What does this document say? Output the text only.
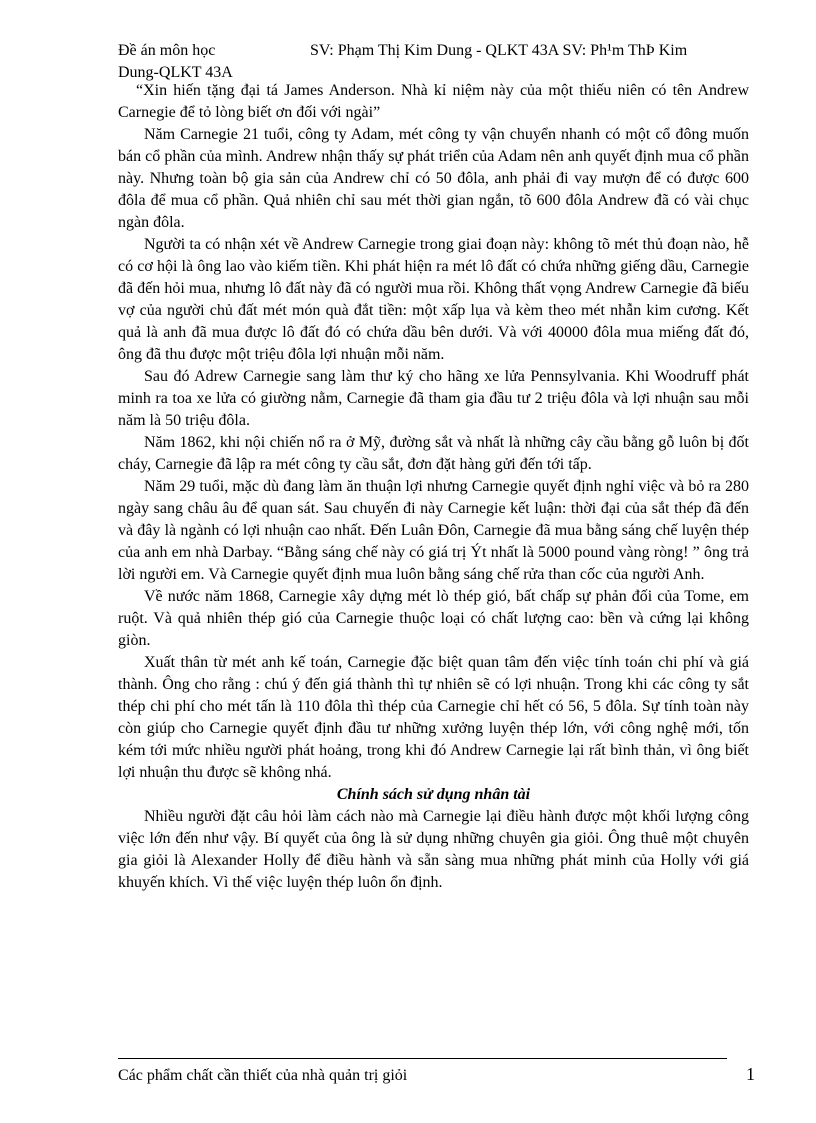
Đề án môn học	SV: Phạm Thị Kim Dung - QLKT 43A SV: Ph¹m ThÞ Kim
Dung-QLKT 43A

“Xin hiến tặng đại tá James Anderson. Nhà kỉ niệm này của một thiếu niên có tên Andrew Carnegie để tỏ lòng biết ơn đối với ngài”

Năm Carnegie 21 tuổi, công ty Adam, mét công ty vận chuyển nhanh có một cổ đông muốn bán cổ phần của mình. Andrew nhận thấy sự phát triển của Adam nên anh quyết định mua cổ phần này. Nhưng toàn bộ gia sản của Andrew chỉ có 50 đôla, anh phải đi vay mượn để có được 600 đôla để mua cổ phần. Quả nhiên chỉ sau mét thời gian ngắn, tõ 600 đôla Andrew đã có vài chục ngàn đôla.

Người ta có nhận xét về Andrew Carnegie trong giai đoạn này: không tõ mét thủ đoạn nào, hễ có cơ hội là ông lao vào kiếm tiền. Khi phát hiện ra mét lô đất có chứa những giếng dầu, Carnegie đã đến hỏi mua, nhưng lô đất này đã có người mua rồi. Không thất vọng Andrew Carnegie đã biếu vợ của người chủ đất mét món quà đắt tiền: một xấp lụa và kèm theo mét nhẫn kim cương. Kết quả là anh đã mua được lô đất đó có chứa dầu bên dưới. Và với 40000 đôla mua miếng đất đó, ông đã thu được một triệu đôla lợi nhuận mỗi năm.

Sau đó Adrew Carnegie sang làm thư ký cho hãng xe lửa Pennsylvania. Khi Woodruff phát minh ra toa xe lửa có giường nằm, Carnegie đã tham gia đầu tư 2 triệu đôla và lợi nhuận sau mỗi năm là 50 triệu đôla.

Năm 1862, khi nội chiến nổ ra ở Mỹ, đường sắt và nhất là những cây cầu bằng gỗ luôn bị đốt cháy, Carnegie đã lập ra mét công ty cầu sắt, đơn đặt hàng gửi đến tới tấp.

Năm 29 tuổi, mặc dù đang làm ăn thuận lợi nhưng Carnegie quyết định nghỉ việc và bỏ ra 280 ngày sang châu âu để quan sát. Sau chuyến đi này Carnegie kết luận: thời đại của sắt thép đã đến và đây là ngành có lợi nhuận cao nhất. Đến Luân Đôn, Carnegie đã mua bằng sáng chế luyện thép của anh em nhà Darbay. “Bằng sáng chế này có giá trị Ýt nhất là 5000 pound vàng ròng! ” ông trả lời người em. Và Carnegie quyết định mua luôn bằng sáng chế rửa than cốc của người Anh.

Về nước năm 1868, Carnegie xây dựng mét lò thép gió, bất chấp sự phản đối của Tome, em ruột. Và quả nhiên thép gió của Carnegie thuộc loại có chất lượng cao: bền và cứng lại không giòn.

Xuất thân từ mét anh kế toán, Carnegie đặc biệt quan tâm đến việc tính toán chi phí và giá thành. Ông cho rằng : chú ý đến giá thành thì tự nhiên sẽ có lợi nhuận. Trong khi các công ty sắt thép chi phí cho mét tấn là 110 đôla thì thép của Carnegie chỉ hết có 56, 5 đôla. Sự tính toàn này còn giúp cho Carnegie quyết định đầu tư những xưởng luyện thép lớn, với công nghệ mới, tốn kém tới mức nhiều người phát hoảng, trong khi đó Andrew Carnegie lại rất bình thản, vì ông biết lợi nhuận thu được sẽ không nhá.

Chính sách sử dụng nhân tài

Nhiều người đặt câu hỏi làm cách nào mà Carnegie lại điều hành được một khối lượng công việc lớn đến như vậy. Bí quyết của ông là sử dụng những chuyên gia giỏi. Ông thuê một chuyên gia giỏi là Alexander Holly để điều hành và sẵn sàng mua những phát minh của Holly với giá khuyến khích. Vì thế việc luyện thép luôn ổn định.

Các phẩm chất cần thiết của nhà quản trị giỏi	1
